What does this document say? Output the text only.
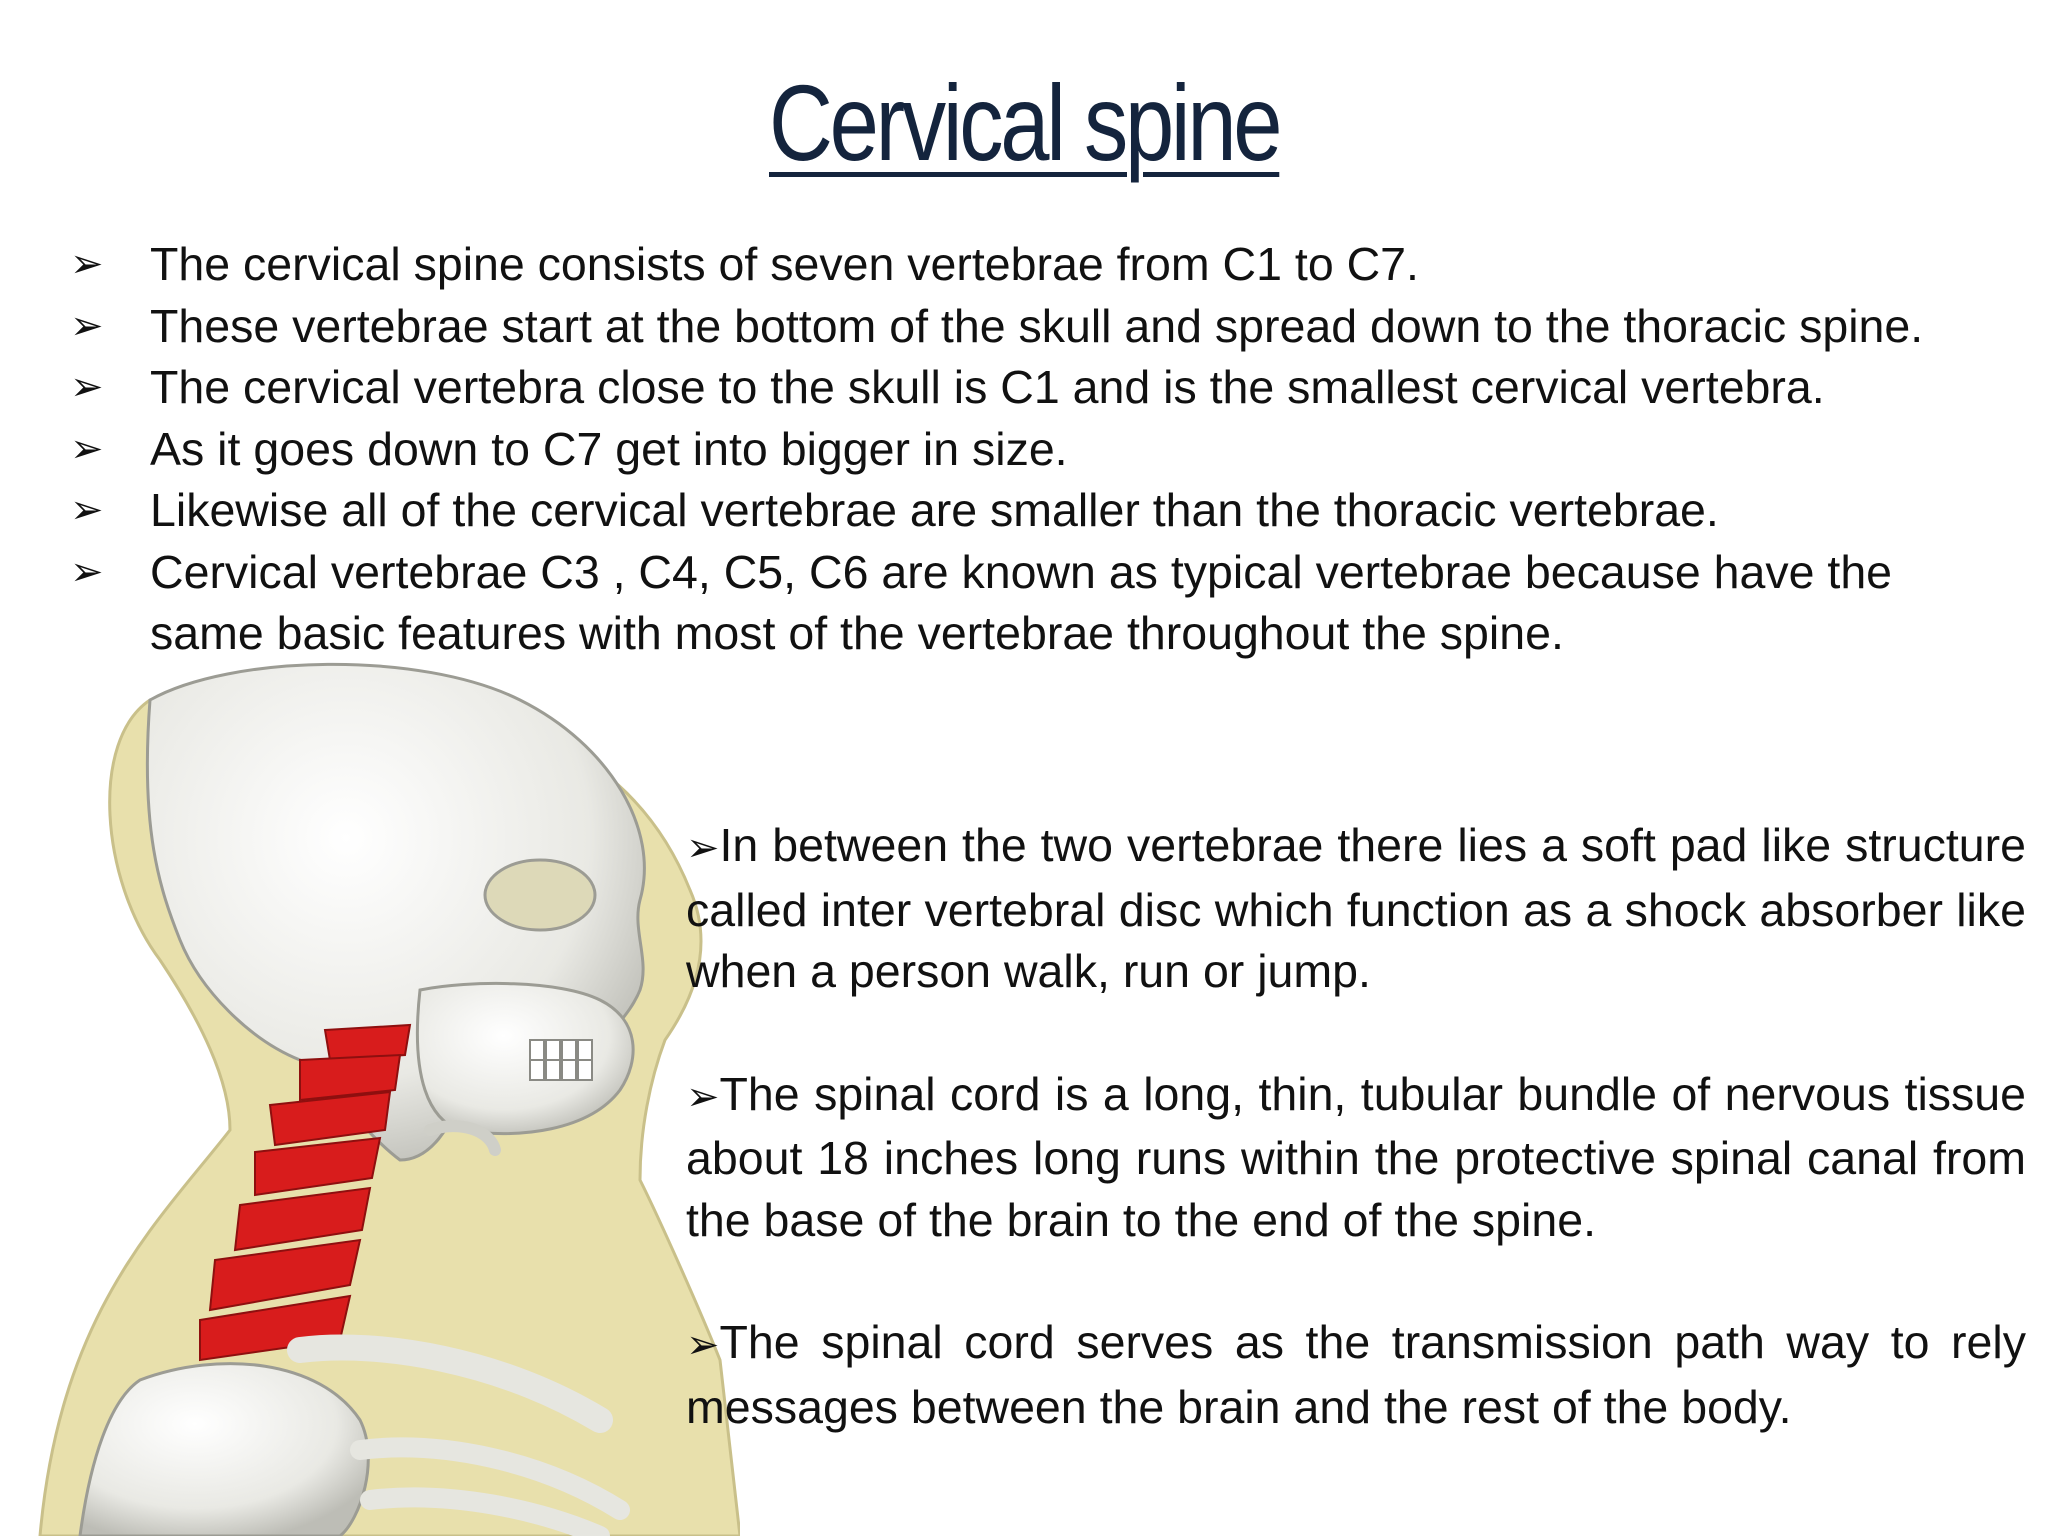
Cervical spine
➢ The cervical spine consists of seven vertebrae from C1 to C7.
➢ These vertebrae start at the bottom of the skull and spread down to the thoracic spine.
➢ The cervical vertebra close to the skull is C1 and is the smallest cervical vertebra.
➢ As it goes down to C7 get into bigger in size.
➢ Likewise all of the cervical vertebrae are smaller than the thoracic vertebrae.
➢ Cervical vertebrae C3 , C4, C5, C6 are known as typical vertebrae because have the same basic features with most of the vertebrae throughout the spine.

➢In between the two vertebrae there lies a soft pad like structure called inter vertebral disc which function as a shock absorber like when a person walk, run or jump.

➢The spinal cord is a long, thin, tubular bundle of nervous tissue about 18 inches long runs within the protective spinal canal from the base of the brain to the end of the spine.

➢The spinal cord serves as the transmission path way to rely messages between the brain and the rest of the body.
